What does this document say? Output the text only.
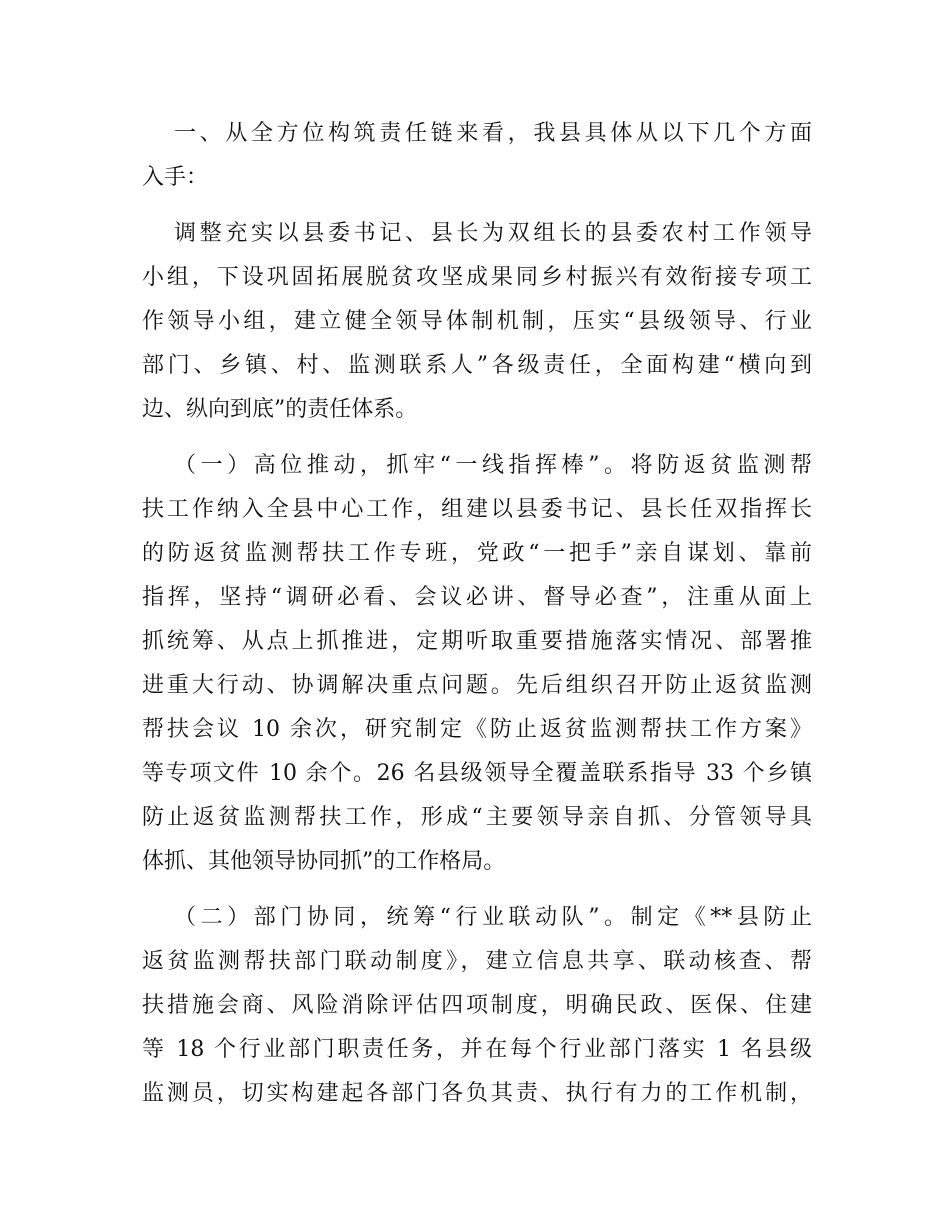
一、从全方位构筑责任链来看，我县具体从以下几个方面
入手：
调整充实以县委书记、县长为双组长的县委农村工作领导
小组，下设巩固拓展脱贫攻坚成果同乡村振兴有效衔接专项工
作领导小组，建立健全领导体制机制，压实“县级领导、行业
部门、乡镇、村、监测联系人”各级责任，全面构建“横向到
边、纵向到底”的责任体系。
（一）高位推动，抓牢“一线指挥棒”。将防返贫监测帮
扶工作纳入全县中心工作，组建以县委书记、县长任双指挥长
的防返贫监测帮扶工作专班，党政“一把手”亲自谋划、靠前
指挥，坚持“调研必看、会议必讲、督导必查”，注重从面上
抓统筹、从点上抓推进，定期听取重要措施落实情况、部署推
进重大行动、协调解决重点问题。先后组织召开防止返贫监测
帮扶会议 10 余次，研究制定《防止返贫监测帮扶工作方案》
等专项文件 10 余个。26 名县级领导全覆盖联系指导 33 个乡镇
防止返贫监测帮扶工作，形成“主要领导亲自抓、分管领导具
体抓、其他领导协同抓”的工作格局。
（二）部门协同，统筹“行业联动队”。制定《**县防止
返贫监测帮扶部门联动制度》，建立信息共享、联动核查、帮
扶措施会商、风险消除评估四项制度，明确民政、医保、住建
等 18 个行业部门职责任务，并在每个行业部门落实 1 名县级
监测员，切实构建起各部门各负其责、执行有力的工作机制，
